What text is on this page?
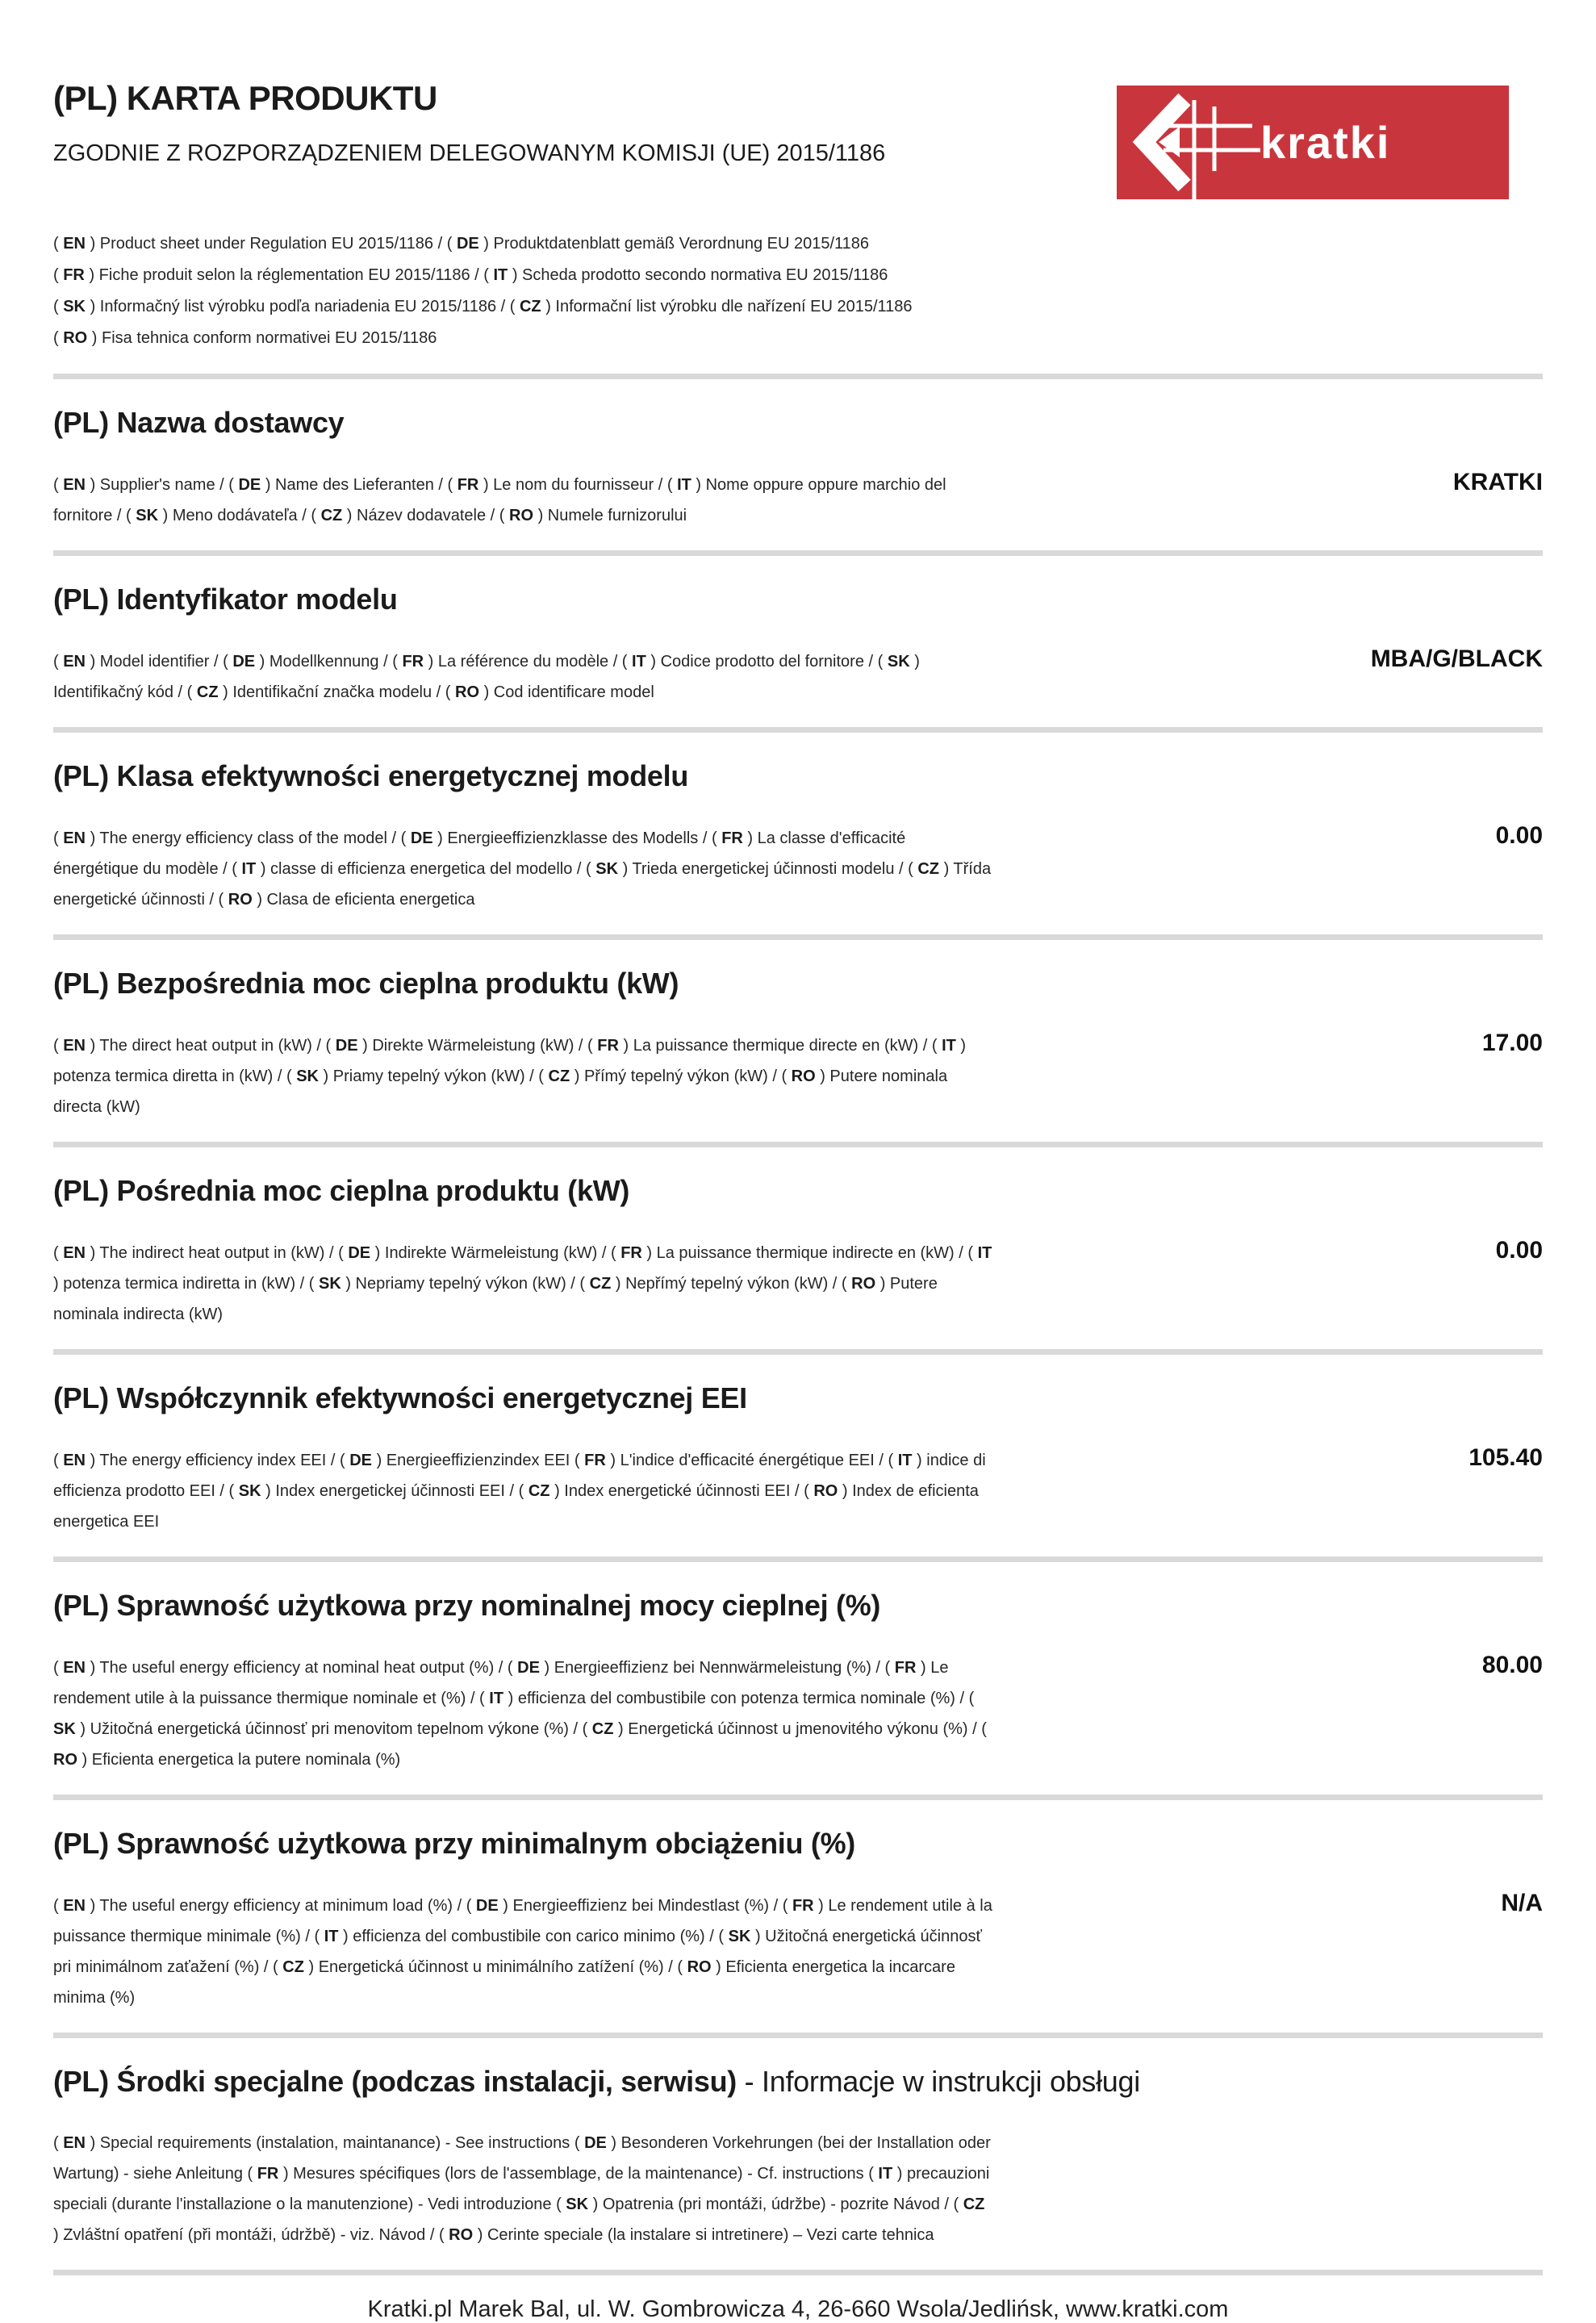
(PL) KARTA PRODUKTU
ZGODNIE Z ROZPORZĄDZENIEM DELEGOWANYM KOMISJI (UE) 2015/1186	kratki
( EN ) Product sheet under Regulation EU 2015/1186 / ( DE ) Produktdatenblatt gemäß Verordnung EU 2015/1186
( FR ) Fiche produit selon la réglementation EU 2015/1186 / ( IT ) Scheda prodotto secondo normativa EU 2015/1186
( SK ) Informačný list výrobku podľa nariadenia EU 2015/1186 / ( CZ ) Informační list výrobku dle nařízení EU 2015/1186
( RO ) Fisa tehnica conform normativei EU 2015/1186
(PL) Nazwa dostawcy
( EN ) Supplier's name / ( DE ) Name des Lieferanten / ( FR ) Le nom du fournisseur / ( IT ) Nome oppure oppure marchio del fornitore / ( SK ) Meno dodávateľa / ( CZ ) Název dodavatele / ( RO ) Numele furnizorului
KRATKI
(PL) Identyfikator modelu
( EN ) Model identifier / ( DE ) Modellkennung / ( FR ) La référence du modèle / ( IT ) Codice prodotto del fornitore / ( SK ) Identifikačný kód / ( CZ ) Identifikační značka modelu / ( RO ) Cod identificare model
MBA/G/BLACK
(PL) Klasa efektywności energetycznej modelu
( EN ) The energy efficiency class of the model / ( DE ) Energieeffizienzklasse des Modells / ( FR ) La classe d'efficacité énergétique du modèle / ( IT ) classe di efficienza energetica del modello / ( SK ) Trieda energetickej účinnosti modelu / ( CZ ) Třída energetické účinnosti / ( RO ) Clasa de eficienta energetica
0.00
(PL) Bezpośrednia moc cieplna produktu (kW)
( EN ) The direct heat output in (kW) / ( DE ) Direkte Wärmeleistung (kW) / ( FR ) La puissance thermique directe en (kW) / ( IT ) potenza termica diretta in (kW) / ( SK ) Priamy tepelný výkon (kW) / ( CZ ) Přímý tepelný výkon (kW) / ( RO ) Putere nominala directa (kW)
17.00
(PL) Pośrednia moc cieplna produktu (kW)
( EN ) The indirect heat output in (kW) / ( DE ) Indirekte Wärmeleistung (kW) / ( FR ) La puissance thermique indirecte en (kW) / ( IT ) potenza termica indiretta in (kW) / ( SK ) Nepriamy tepelný výkon (kW) / ( CZ ) Nepřímý tepelný výkon (kW) / ( RO ) Putere nominala indirecta (kW)
0.00
(PL) Współczynnik efektywności energetycznej EEI
( EN ) The energy efficiency index EEI / ( DE ) Energieeffizienzindex EEI ( FR ) L'indice d'efficacité énergétique EEI / ( IT ) indice di efficienza prodotto EEI / ( SK ) Index energetickej účinnosti EEI / ( CZ ) Index energetické účinnosti EEI / ( RO ) Index de eficienta energetica EEI
105.40
(PL) Sprawność użytkowa przy nominalnej mocy cieplnej (%)
( EN ) The useful energy efficiency at nominal heat output (%) / ( DE ) Energieeffizienz bei Nennwärmeleistung (%) / ( FR ) Le rendement utile à la puissance thermique nominale et (%) / ( IT ) efficienza del combustibile con potenza termica nominale (%) / ( SK ) Užitočná energetická účinnosť pri menovitom tepelnom výkone (%) / ( CZ ) Energetická účinnost u jmenovitého výkonu (%) / ( RO ) Eficienta energetica la putere nominala (%)
80.00
(PL) Sprawność użytkowa przy minimalnym obciążeniu (%)
( EN ) The useful energy efficiency at minimum load (%) / ( DE ) Energieeffizienz bei Mindestlast (%) / ( FR ) Le rendement utile à la puissance thermique minimale (%) / ( IT ) efficienza del combustibile con carico minimo (%) / ( SK ) Užitočná energetická účinnosť pri minimálnom zaťažení (%) / ( CZ ) Energetická účinnost u minimálního zatížení (%) / ( RO ) Eficienta energetica la incarcare minima (%)
N/A
(PL) Środki specjalne (podczas instalacji, serwisu) - Informacje w instrukcji obsługi
( EN ) Special requirements (instalation, maintanance) - See instructions ( DE ) Besonderen Vorkehrungen (bei der Installation oder Wartung) - siehe Anleitung ( FR ) Mesures spécifiques (lors de l'assemblage, de la maintenance) - Cf. instructions ( IT ) precauzioni speciali (durante l'installazione o la manutenzione) - Vedi introduzione ( SK ) Opatrenia (pri montáži, údržbe) - pozrite Návod / ( CZ ) Zvláštní opatření (při montáži, údržbě) - viz. Návod / ( RO ) Cerinte speciale (la instalare si intretinere) – Vezi carte tehnica
Kratki.pl Marek Bal, ul. W. Gombrowicza 4, 26-660 Wsola/Jedlińsk, www.kratki.com
